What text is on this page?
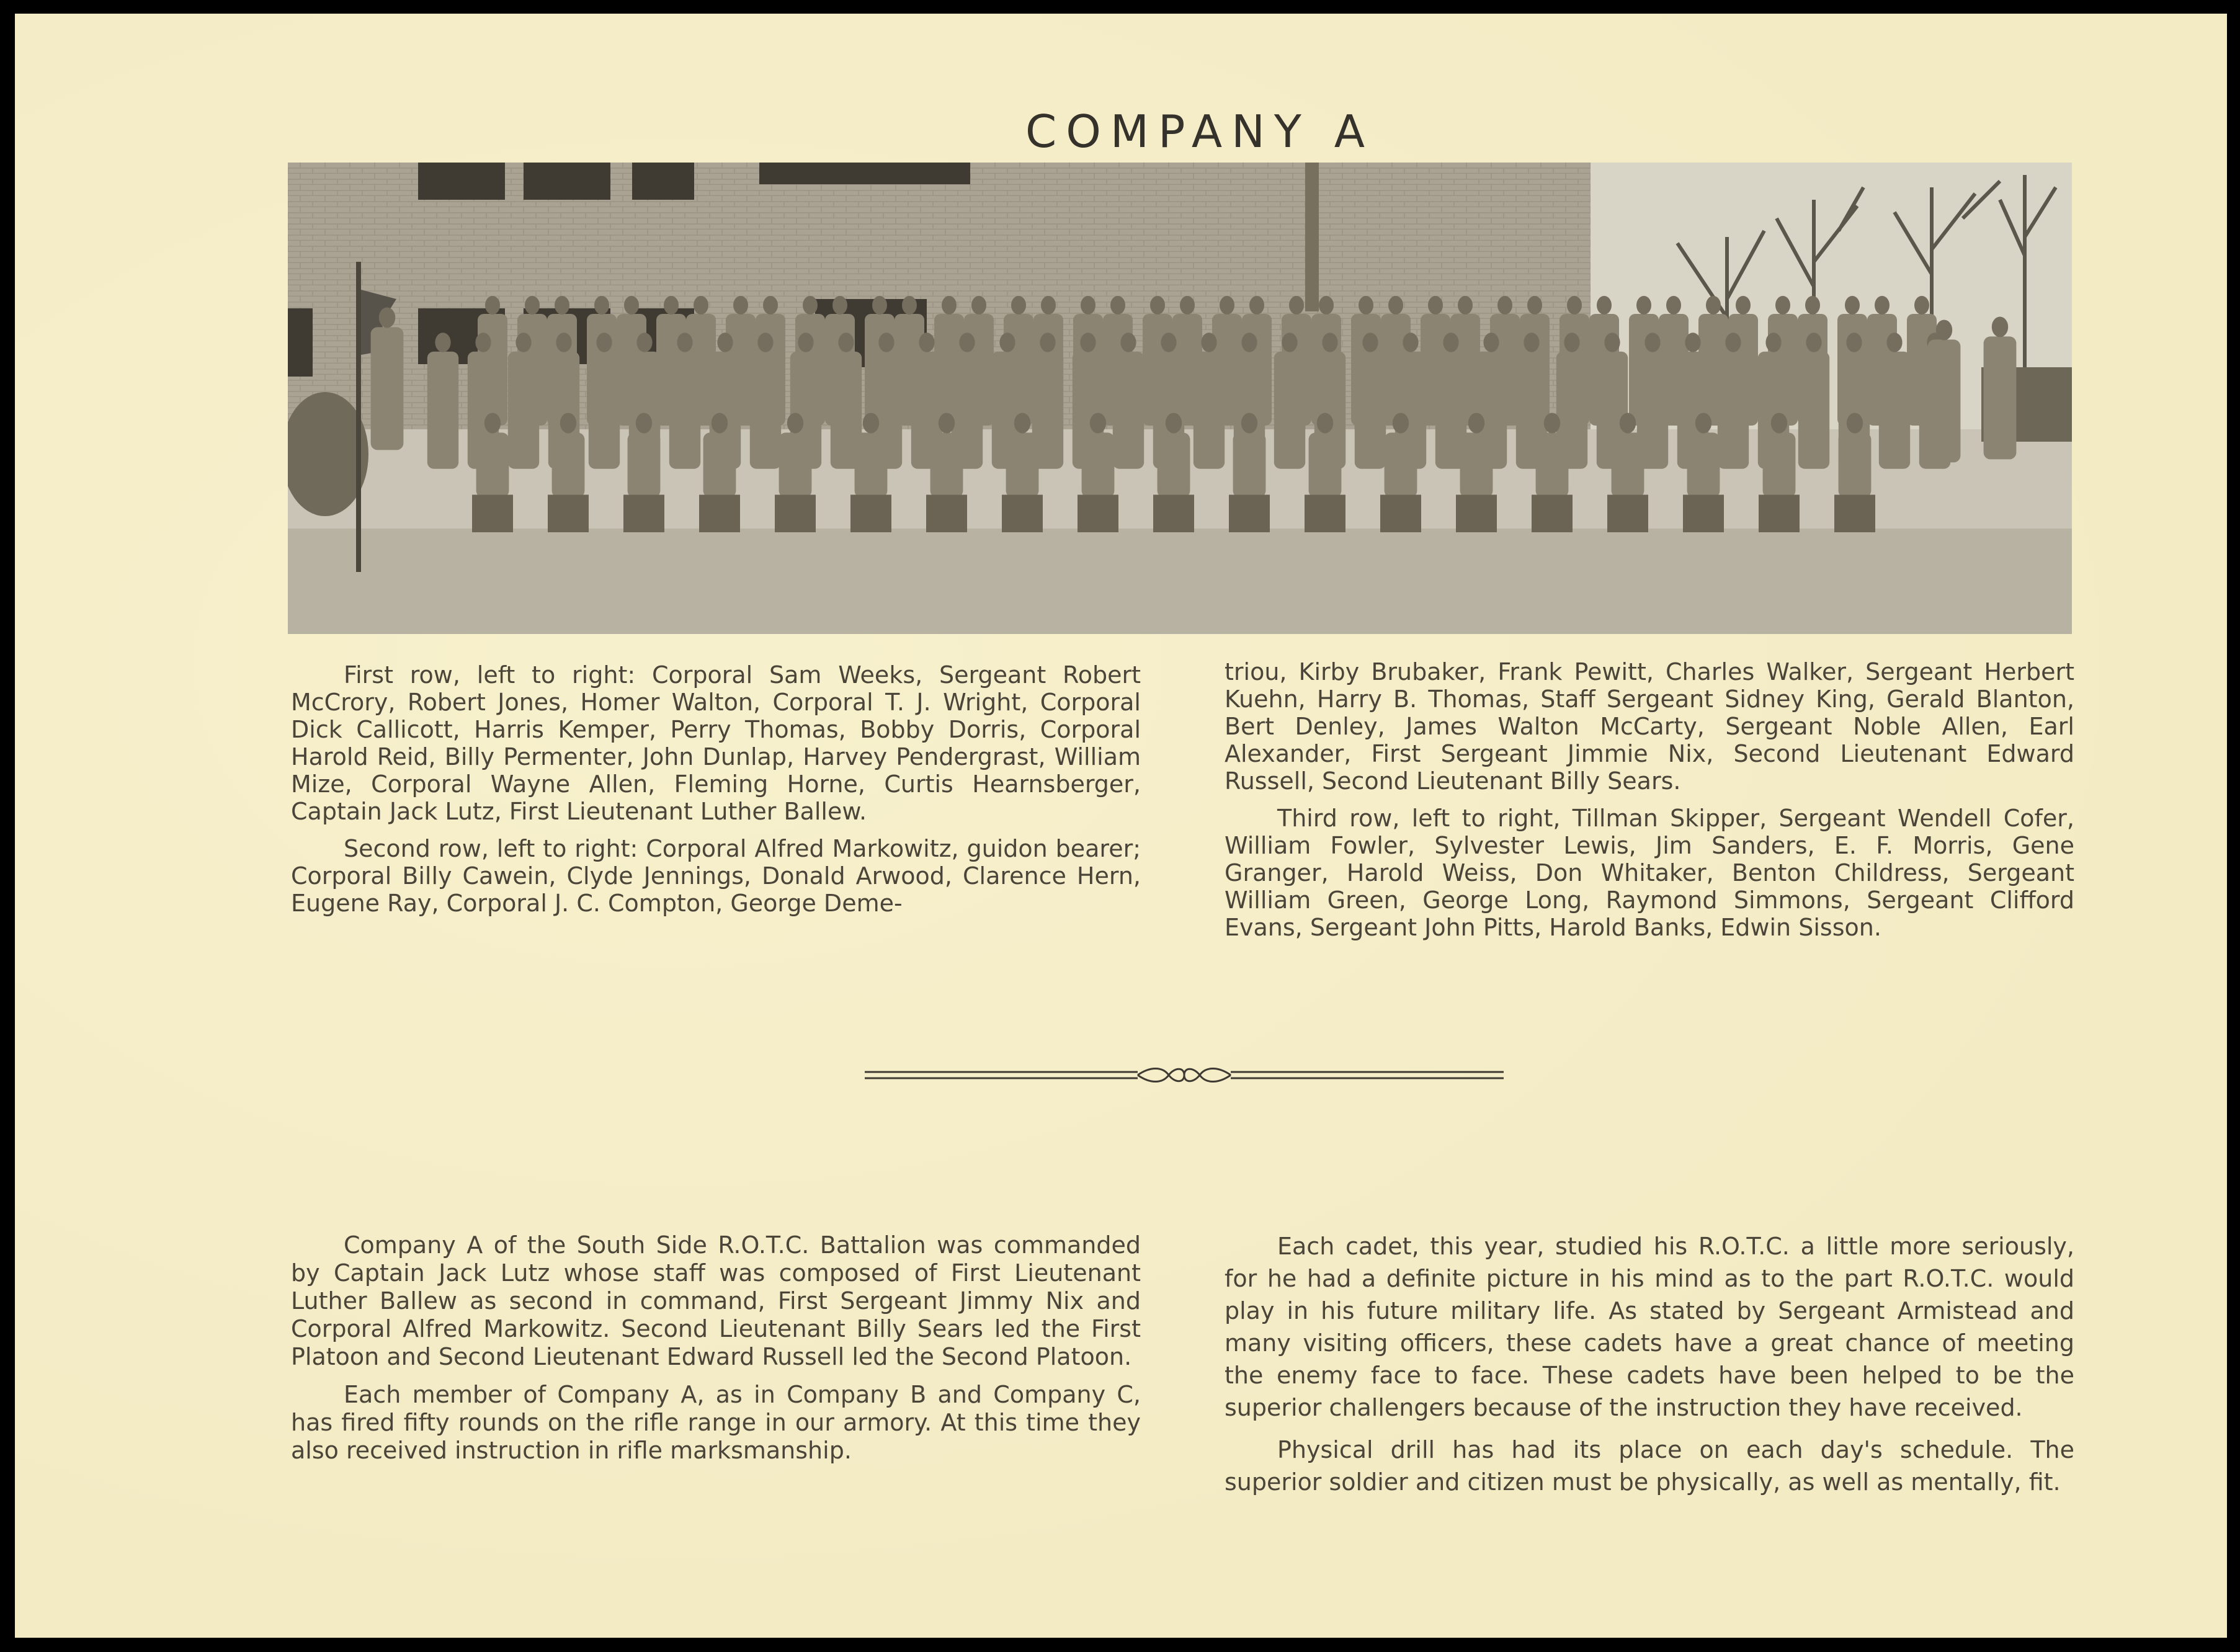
COMPANY A

First row, left to right: Corporal Sam Weeks, Sergeant Robert McCrory, Robert Jones, Homer Walton, Corporal T. J. Wright, Corporal Dick Callicott, Harris Kemper, Perry Thomas, Bobby Dorris, Corporal Harold Reid, Billy Permenter, John Dunlap, Harvey Pendergrast, William Mize, Corporal Wayne Allen, Fleming Horne, Curtis Hearnsberger, Captain Jack Lutz, First Lieutenant Luther Ballew.

Second row, left to right: Corporal Alfred Markowitz, guidon bearer; Corporal Billy Cawein, Clyde Jennings, Donald Arwood, Clarence Hern, Eugene Ray, Corporal J. C. Compton, George Deme-

triou, Kirby Brubaker, Frank Pewitt, Charles Walker, Sergeant Herbert Kuehn, Harry B. Thomas, Staff Sergeant Sidney King, Gerald Blanton, Bert Denley, James Walton McCarty, Sergeant Noble Allen, Earl Alexander, First Sergeant Jimmie Nix, Second Lieutenant Edward Russell, Second Lieutenant Billy Sears.

Third row, left to right, Tillman Skipper, Sergeant Wendell Cofer, William Fowler, Sylvester Lewis, Jim Sanders, E. F. Morris, Gene Granger, Harold Weiss, Don Whitaker, Benton Childress, Sergeant William Green, George Long, Raymond Simmons, Sergeant Clifford Evans, Sergeant John Pitts, Harold Banks, Edwin Sisson.

Company A of the South Side R.O.T.C. Battalion was commanded by Captain Jack Lutz whose staff was composed of First Lieutenant Luther Ballew as second in command, First Sergeant Jimmy Nix and Corporal Alfred Markowitz. Second Lieutenant Billy Sears led the First Platoon and Second Lieutenant Edward Russell led the Second Platoon.

Each member of Company A, as in Company B and Company C, has fired fifty rounds on the rifle range in our armory. At this time they also received instruction in rifle marksmanship.

Each cadet, this year, studied his R.O.T.C. a little more seriously, for he had a definite picture in his mind as to the part R.O.T.C. would play in his future military life. As stated by Sergeant Armistead and many visiting officers, these cadets have a great chance of meeting the enemy face to face. These cadets have been helped to be the superior challengers because of the instruction they have received.

Physical drill has had its place on each day's schedule. The superior soldier and citizen must be physically, as well as mentally, fit.
